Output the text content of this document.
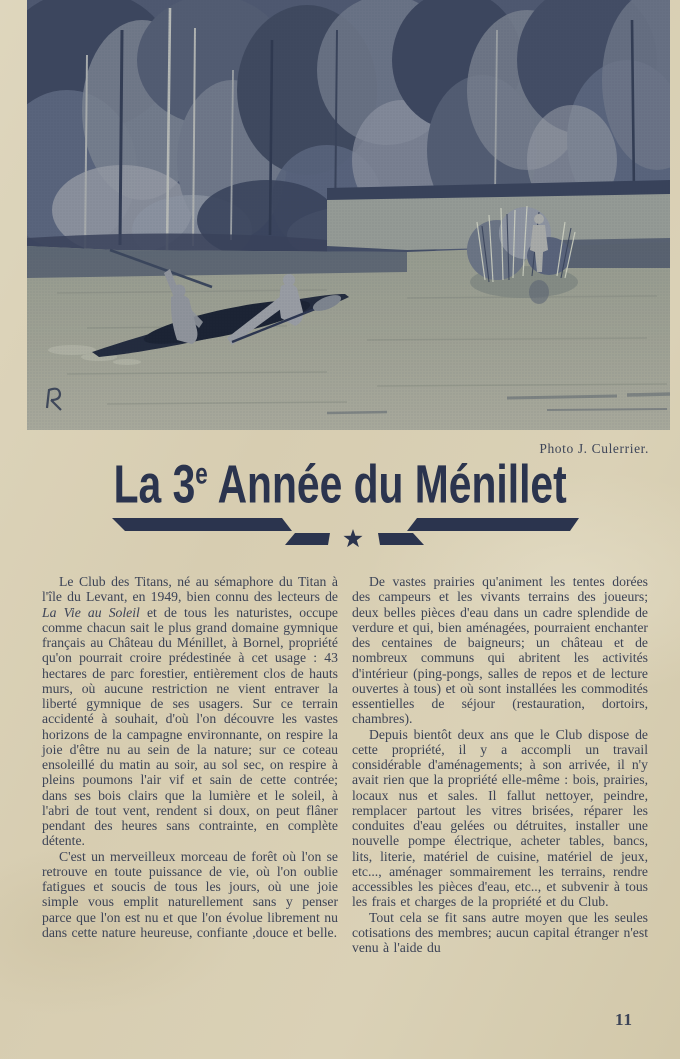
Photo J. Culerrier.
La 3e Année du Ménillet

Le Club des Titans, né au sémaphore du Titan à l'île du Levant, en 1949, bien connu des lecteurs de La Vie au Soleil et de tous les naturistes, occupe comme chacun sait le plus grand domaine gymnique français au Château du Ménillet, à Bornel, propriété qu'on pourrait croire prédestinée à cet usage : 43 hectares de parc forestier, entièrement clos de hauts murs, où aucune restriction ne vient entraver la liberté gymnique de ses usagers. Sur ce terrain accidenté à souhait, d'où l'on découvre les vastes horizons de la campagne environnante, on respire la joie d'être nu au sein de la nature; sur ce coteau ensoleillé du matin au soir, au sol sec, on respire à pleins poumons l'air vif et sain de cette contrée; dans ses bois clairs que la lumière et le soleil, à l'abri de tout vent, rendent si doux, on peut flâner pendant des heures sans contrainte, en complète détente.

C'est un merveilleux morceau de forêt où l'on se retrouve en toute puissance de vie, où l'on oublie fatigues et soucis de tous les jours, où une joie simple vous emplit naturellement sans y penser parce que l'on est nu et que l'on évolue librement nu dans cette nature heureuse, confiante ,douce et belle.

De vastes prairies qu'animent les tentes dorées des campeurs et les vivants terrains des joueurs; deux belles pièces d'eau dans un cadre splendide de verdure et qui, bien aménagées, pourraient enchanter des centaines de baigneurs; un château et de nombreux communs qui abritent les activités d'intérieur (ping-pongs, salles de repos et de lecture ouvertes à tous) et où sont installées les commodités essentielles de séjour (restauration, dortoirs, chambres).

Depuis bientôt deux ans que le Club dispose de cette propriété, il y a accompli un travail considérable d'aménagements; à son arrivée, il n'y avait rien que la propriété elle-même : bois, prairies, locaux nus et sales. Il fallut nettoyer, peindre, remplacer partout les vitres brisées, réparer les conduites d'eau gelées ou détruites, installer une nouvelle pompe électrique, acheter tables, bancs, lits, literie, matériel de cuisine, matériel de jeux, etc..., aménager sommairement les terrains, rendre accessibles les pièces d'eau, etc.., et subvenir à tous les frais et charges de la propriété et du Club.

Tout cela se fit sans autre moyen que les seules cotisations des membres; aucun capital étranger n'est venu à l'aide du

11
